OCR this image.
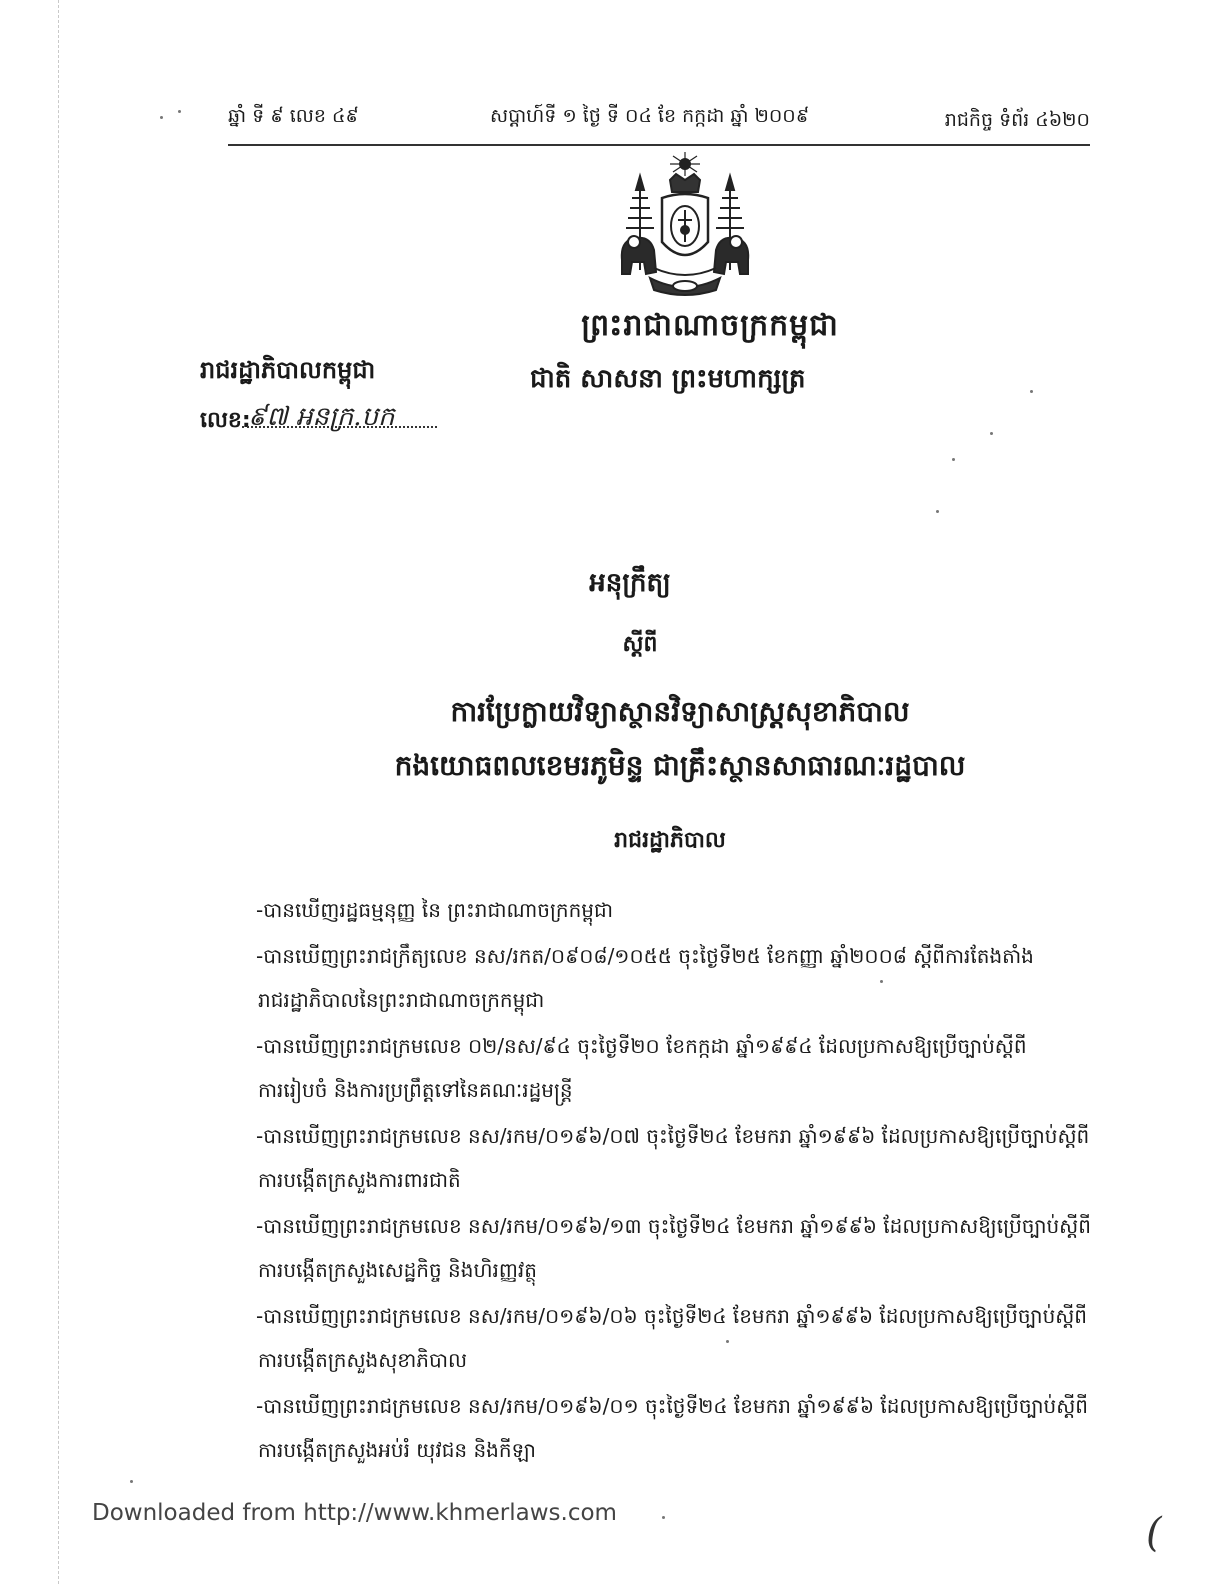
ឆ្នាំ ទី ៩ លេខ ៤៩	សប្តាហ៍ទី ១ ថ្ងៃ ទី ០៤ ខែ កក្កដា ឆ្នាំ ២០០៩	រាជកិច្ច ទំព័រ ៤៦២០
ព្រះរាជាណាចក្រកម្ពុជា
ជាតិ សាសនា ព្រះមហាក្សត្រ
រាជរដ្ឋាភិបាលកម្ពុជា
លេខ:
៩៧ អនក្រ.បក
អនុក្រឹត្យ
ស្តីពី
ការប្រែក្លាយវិទ្យាស្ថានវិទ្យាសាស្ត្រសុខាភិបាល
កងយោធពលខេមរភូមិន្ទ ជាគ្រឹះស្ថានសាធារណៈរដ្ឋបាល
រាជរដ្ឋាភិបាល
-បានឃើញរដ្ឋធម្មនុញ្ញ នៃ ព្រះរាជាណាចក្រកម្ពុជា
-បានឃើញព្រះរាជក្រឹត្យលេខ នស/រកត/០៩០៨/១០៥៥ ចុះថ្ងៃទី២៥ ខែកញ្ញា ឆ្នាំ២០០៨ ស្តីពីការតែងតាំង
រាជរដ្ឋាភិបាលនៃព្រះរាជាណាចក្រកម្ពុជា
-បានឃើញព្រះរាជក្រមលេខ ០២/នស/៩៤ ចុះថ្ងៃទី២០ ខែកក្កដា ឆ្នាំ១៩៩៤ ដែលប្រកាសឱ្យប្រើច្បាប់ស្តីពី
ការរៀបចំ និងការប្រព្រឹត្តទៅនៃគណៈរដ្ឋមន្ត្រី
-បានឃើញព្រះរាជក្រមលេខ នស/រកម/០១៩៦/០៧ ចុះថ្ងៃទី២៤ ខែមករា ឆ្នាំ១៩៩៦ ដែលប្រកាសឱ្យប្រើច្បាប់ស្តីពី
ការបង្កើតក្រសួងការពារជាតិ
-បានឃើញព្រះរាជក្រមលេខ នស/រកម/០១៩៦/១៣ ចុះថ្ងៃទី២៤ ខែមករា ឆ្នាំ១៩៩៦ ដែលប្រកាសឱ្យប្រើច្បាប់ស្តីពី
ការបង្កើតក្រសួងសេដ្ឋកិច្ច និងហិរញ្ញវត្ថុ
-បានឃើញព្រះរាជក្រមលេខ នស/រកម/០១៩៦/០៦ ចុះថ្ងៃទី២៤ ខែមករា ឆ្នាំ១៩៩៦ ដែលប្រកាសឱ្យប្រើច្បាប់ស្តីពី
ការបង្កើតក្រសួងសុខាភិបាល
-បានឃើញព្រះរាជក្រមលេខ នស/រកម/០១៩៦/០១ ចុះថ្ងៃទី២៤ ខែមករា ឆ្នាំ១៩៩៦ ដែលប្រកាសឱ្យប្រើច្បាប់ស្តីពី
ការបង្កើតក្រសួងអប់រំ យុវជន និងកីឡា
Downloaded from http://www.khmerlaws.com	(
